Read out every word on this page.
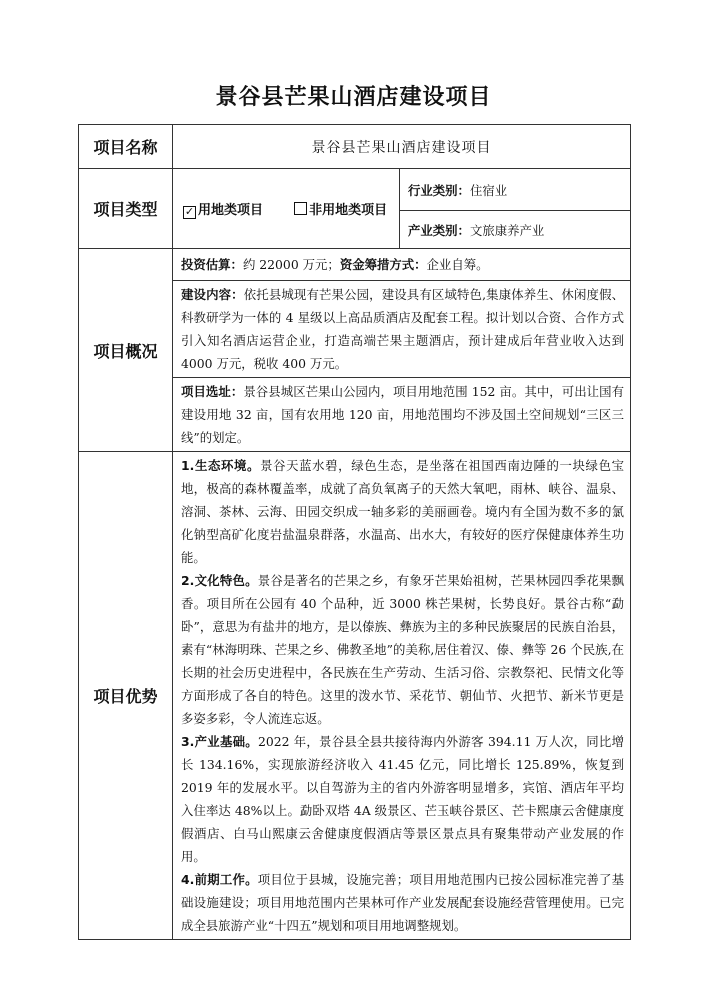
景谷县芒果山酒店建设项目
项目名称	景谷县芒果山酒店建设项目	
项目类型	✓ 用地类项目 非用地类项目	行业类别：住宿业
		产业类别：文旅康养产业
项目概况	投资估算：约 22000 万元；资金筹措方式：企业自筹。	
	建设内容：依托县城现有芒果公园，建设具有区域特色,集康体养生、休闲度假、科教研学为一体的 4 星级以上高品质酒店及配套工程。拟计划以合资、合作方式引入知名酒店运营企业，打造高端芒果主题酒店，预计建成后年营业收入达到 4000 万元，税收 400 万元。	
	项目选址：景谷县城区芒果山公园内，项目用地范围 152 亩。其中，可出让国有建设用地 32 亩，国有农用地 120 亩，用地范围均不涉及国土空间规划“三区三线”的划定。	
项目优势	1.生态环境。景谷天蓝水碧，绿色生态，是坐落在祖国西南边陲的一块绿色宝地，极高的森林覆盖率，成就了高负氧离子的天然大氧吧，雨林、峡谷、温泉、溶洞、茶林、云海、田园交织成一轴多彩的美丽画卷。境内有全国为数不多的氯化钠型高矿化度岩盐温泉群落，水温高、出水大，有较好的医疗保健康体养生功能。

2.文化特色。景谷是著名的芒果之乡，有象牙芒果始祖树，芒果林园四季花果飘香。项目所在公园有 40 个品种，近 3000 株芒果树，长势良好。景谷古称“勐卧”，意思为有盐井的地方，是以傣族、彝族为主的多种民族聚居的民族自治县，素有“林海明珠、芒果之乡、佛教圣地”的美称,居住着汉、傣、彝等 26 个民族,在长期的社会历史进程中，各民族在生产劳动、生活习俗、宗教祭祀、民情文化等方面形成了各自的特色。这里的泼水节、采花节、朝仙节、火把节、新米节更是多姿多彩，令人流连忘返。

3.产业基础。2022 年，景谷县全县共接待海内外游客 394.11 万人次，同比增长 134.16%，实现旅游经济收入 41.45 亿元，同比增长 125.89%，恢复到 2019 年的发展水平。以自驾游为主的省内外游客明显增多，宾馆、酒店年平均入住率达 48%以上。勐卧双塔 4A 级景区、芒玉峡谷景区、芒卡熙康云舍健康度假酒店、白马山熙康云舍健康度假酒店等景区景点具有聚集带动产业发展的作用。

4.前期工作。项目位于县城，设施完善；项目用地范围内已按公园标准完善了基础设施建设；项目用地范围内芒果林可作产业发展配套设施经营管理使用。已完成全县旅游产业“十四五”规划和项目用地调整规划。	
